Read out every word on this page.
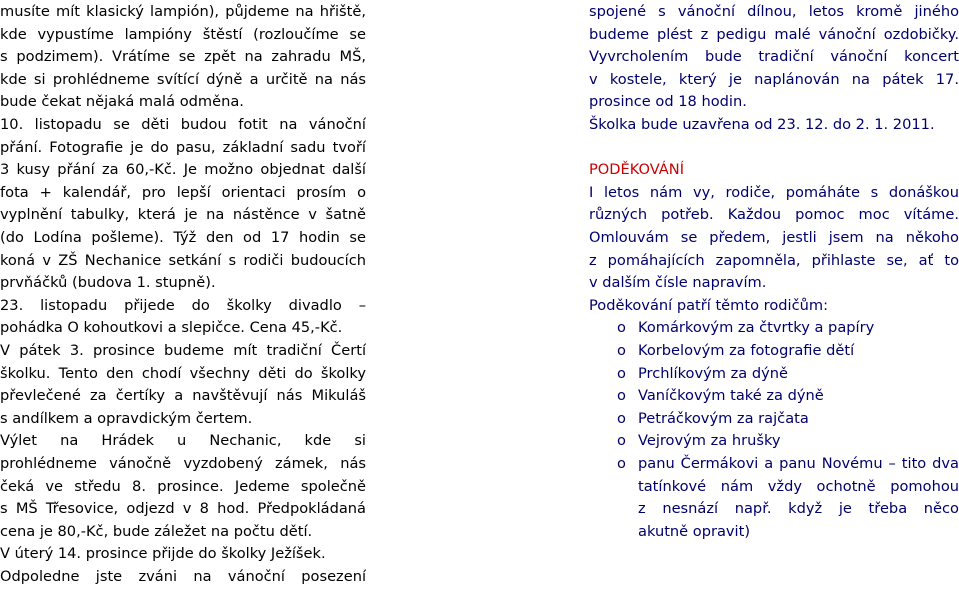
musíte mít klasický lampión), půjdeme na hřiště,
kde vypustíme lampióny štěstí (rozloučíme se
s podzimem). Vrátíme se zpět na zahradu MŠ,
kde si prohlédneme svítící dýně a určitě na nás
bude čekat nějaká malá odměna.
10. listopadu se děti budou fotit na vánoční
přání. Fotografie je do pasu, základní sadu tvoří
3 kusy přání za 60,-Kč. Je možno objednat další
fota + kalendář, pro lepší orientaci prosím o
vyplnění tabulky, která je na nástěnce v šatně
(do Lodína pošleme). Týž den od 17 hodin se
koná v ZŠ Nechanice setkání s rodiči budoucích
prvňáčků (budova 1. stupně).
23. listopadu přijede do školky divadlo –
pohádka O kohoutkovi a slepičce. Cena 45,-Kč.
V pátek 3. prosince budeme mít tradiční Čertí
školku. Tento den chodí všechny děti do školky
převlečené za čertíky a navštěvují nás Mikuláš
s andílkem a opravdickým čertem.
Výlet na Hrádek u Nechanic, kde si
prohlédneme vánočně vyzdobený zámek, nás
čeká ve středu 8. prosince. Jedeme společně
s MŠ Třesovice, odjezd v 8 hod. Předpokládaná
cena je 80,-Kč, bude záležet na počtu dětí.
V úterý 14. prosince přijde do školky Ježíšek.
Odpoledne jste zváni na vánoční posezení
spojené s vánoční dílnou, letos kromě jiného
budeme plést z pedigu malé vánoční ozdobičky.
Vyvrcholením bude tradiční vánoční koncert
v kostele, který je naplánován na pátek 17.
prosince od 18 hodin.
Školka bude uzavřena od 23. 12. do 2. 1. 2011.
PODĚKOVÁNÍ
I letos nám vy, rodiče, pomáháte s donáškou
různých potřeb. Každou pomoc moc vítáme.
Omlouvám se předem, jestli jsem na někoho
z pomáhajících zapomněla, přihlaste se, ať to
v dalším čísle napravím.
Poděkování patří těmto rodičům:
o Komárkovým za čtvrtky a papíry
o Korbelovým za fotografie dětí
o Prchlíkovým za dýně
o Vaníčkovým také za dýně
o Petráčkovým za rajčata
o Vejrovým za hrušky
o panu Čermákovi a panu Novému – tito dva
tatínkové nám vždy ochotně pomohou
z nesnází např. když je třeba něco
akutně opravit)
